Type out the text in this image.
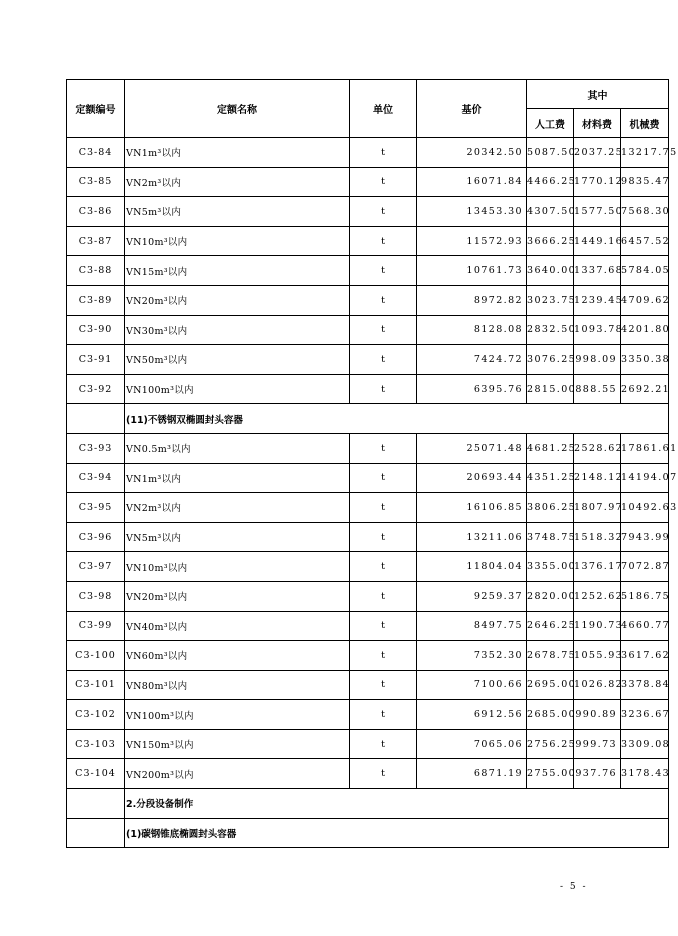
定额编号	定额名称	单位	基价	其中		
				人工费	材料费	机械费
C3-84	VN1m³以内	t	20342.50	5087.50	2037.25	13217.75
C3-85	VN2m³以内	t	16071.84	4466.25	1770.12	9835.47
C3-86	VN5m³以内	t	13453.30	4307.50	1577.50	7568.30
C3-87	VN10m³以内	t	11572.93	3666.25	1449.16	6457.52
C3-88	VN15m³以内	t	10761.73	3640.00	1337.68	5784.05
C3-89	VN20m³以内	t	8972.82	3023.75	1239.45	4709.62
C3-90	VN30m³以内	t	8128.08	2832.50	1093.78	4201.80
C3-91	VN50m³以内	t	7424.72	3076.25	998.09	3350.38
C3-92	VN100m³以内	t	6395.76	2815.00	888.55	2692.21
	(11)不锈钢双椭圆封头容器					
C3-93	VN0.5m³以内	t	25071.48	4681.25	2528.62	17861.61
C3-94	VN1m³以内	t	20693.44	4351.25	2148.12	14194.07
C3-95	VN2m³以内	t	16106.85	3806.25	1807.97	10492.63
C3-96	VN5m³以内	t	13211.06	3748.75	1518.32	7943.99
C3-97	VN10m³以内	t	11804.04	3355.00	1376.17	7072.87
C3-98	VN20m³以内	t	9259.37	2820.00	1252.62	5186.75
C3-99	VN40m³以内	t	8497.75	2646.25	1190.73	4660.77
C3-100	VN60m³以内	t	7352.30	2678.75	1055.93	3617.62
C3-101	VN80m³以内	t	7100.66	2695.00	1026.82	3378.84
C3-102	VN100m³以内	t	6912.56	2685.00	990.89	3236.67
C3-103	VN150m³以内	t	7065.06	2756.25	999.73	3309.08
C3-104	VN200m³以内	t	6871.19	2755.00	937.76	3178.43
	2.分段设备制作					
	(1)碳钢锥底椭圆封头容器					
- 5 -
